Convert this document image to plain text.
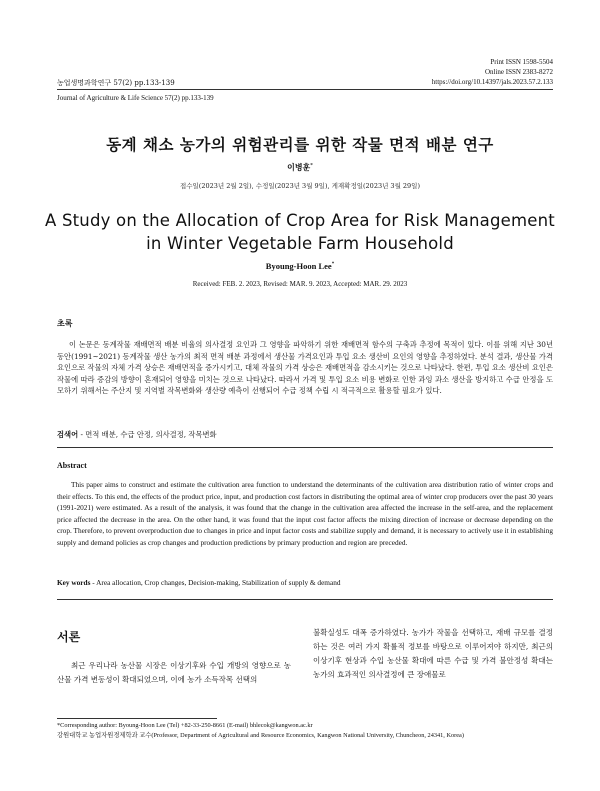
Print ISSN 1598-5504
Online ISSN 2383-8272
농업생명과학연구 57(2) pp.133-139	https://doi.org/10.14397/jals.2023.57.2.133
Journal of Agriculture & Life Science 57(2) pp.133-139
동계 채소 농가의 위험관리를 위한 작물 면적 배분 연구
이병훈*
접수일(2023년 2월 2일), 수정일(2023년 3월 9일), 게재확정일(2023년 3월 29일)
A Study on the Allocation of Crop Area for Risk Management in Winter Vegetable Farm Household
Byoung-Hoon Lee*
Received: FEB. 2. 2023, Revised: MAR. 9. 2023, Accepted: MAR. 29. 2023
초록
이 논문은 동계작물 재배면적 배분 비율의 의사결정 요인과 그 영향을 파악하기 위한 재배면적 함수의 구축과 추정에 목적이 있다. 이를 위해 지난 30년 동안(1991~2021) 동계작물 생산 농가의 최적 면적 배분 과정에서 생산물 가격요인과 투입 요소 생산비 요인의 영향을 추정하였다. 분석 결과, 생산물 가격요인으로 작물의 자체 가격 상승은 재배면적을 증가시키고, 대체 작물의 가격 상승은 재배면적을 감소시키는 것으로 나타났다. 한편, 투입 요소 생산비 요인은 작물에 따라 증감의 방향이 혼재되어 영향을 미치는 것으로 나타났다. 따라서 가격 및 투입 요소 비용 변화로 인한 과잉 과소 생산을 방지하고 수급 안정을 도모하기 위해서는 주산지 및 지역별 작목변화와 생산량 예측이 선행되어 수급 정책 수립 시 적극적으로 활용할 필요가 있다.
검색어 - 면적 배분, 수급 안정, 의사결정, 작목변화
Abstract
This paper aims to construct and estimate the cultivation area function to understand the determinants of the cultivation area distribution ratio of winter crops and their effects. To this end, the effects of the product price, input, and production cost factors in distributing the optimal area of winter crop producers over the past 30 years (1991-2021) were estimated. As a result of the analysis, it was found that the change in the cultivation area affected the increase in the self-area, and the replacement price affected the decrease in the area. On the other hand, it was found that the input cost factor affects the mixing direction of increase or decrease depending on the crop. Therefore, to prevent overproduction due to changes in price and input factor costs and stabilize supply and demand, it is necessary to actively use it in establishing supply and demand policies as crop changes and production predictions by primary production and region are preceded.
Key words - Area allocation, Crop changes, Decision-making, Stabilization of supply & demand
서론
최근 우리나라 농산물 시장은 이상기후와 수입 개방의 영향으로 농산물 가격 변동성이 확대되었으며, 이에 농가 소득작목 선택의
불확실성도 대폭 증가하였다. 농가가 작물을 선택하고, 재배 규모를 결정하는 것은 여러 가지 확률적 정보를 바탕으로 이루어져야 하지만, 최근의 이상기후 현상과 수입 농산물 확대에 따른 수급 및 가격 불안정성 확대는 농가의 효과적인 의사결정에 큰 장애물로
*Corresponding author: Byoung-Hoon Lee (Tel) +82-33-250-8661 (E-mail) bhlecok@kangwon.ac.kr
강원대학교 농업자원경제학과 교수(Professor, Department of Agricultural and Resource Economics, Kangwon National University, Chuncheon, 24341, Korea)
